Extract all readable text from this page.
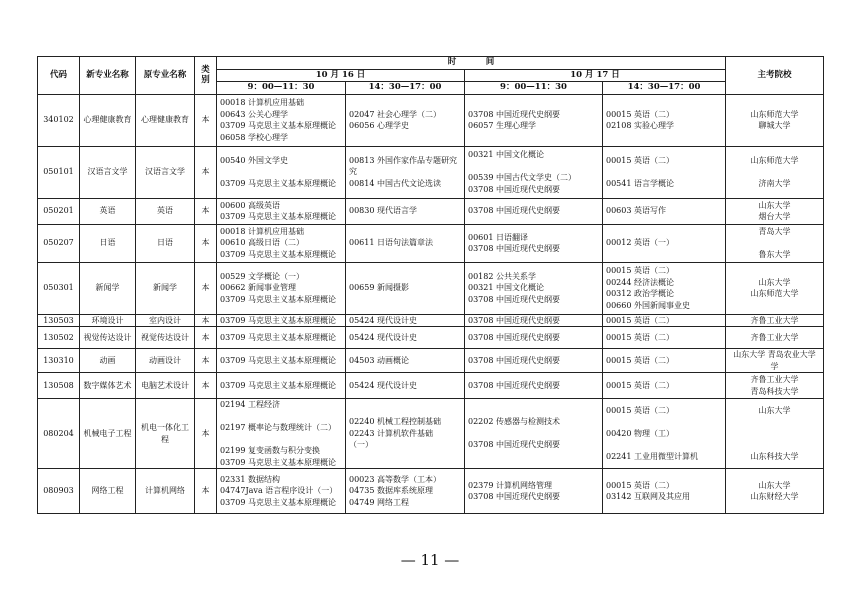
代码	新专业名称	原专业名称	类别	时          间				主考院校
				10 月 16 日		10 月 17 日		
				9：00—11：30	14：30—17：00	9：00—11：30	14：30—17：00	
340102	心理健康教育	心理健康教育	本	00018 计算机应用基础
00643 公关心理学
03709 马克思主义基本原理概论
06058 学校心理学	02047 社会心理学（二）
06056 心理学史	03708 中国近现代史纲要
06057 生理心理学	00015 英语（二）
02108 实验心理学	山东师范大学
聊城大学

050101	汉语言文学	汉语言文学	本	00540 外国文学史
03709 马克思主义基本原理概论	00813 外国作家作品专题研究
究
00814 中国古代文论选读	00321 中国文化概论
00539 中国古代文学史（二）
03708 中国近现代史纲要	00015 英语（二）
00541 语言学概论	山东师范大学
济南大学

050201	英语	英语	本	00600 高级英语
03709 马克思主义基本原理概论	00830 现代语言学	03708 中国近现代史纲要	00603 英语写作	山东大学
烟台大学

050207	日语	日语	本	00018 计算机应用基础
00610 高级日语（二）
03709 马克思主义基本原理概论	00611 日语句法篇章法	00601 日语翻译
03708 中国近现代史纲要	00012 英语（一）	青岛大学
鲁东大学

050301	新闻学	新闻学	本	00529 文学概论（一）
00662 新闻事业管理
03709 马克思主义基本原理概论	00659 新闻摄影	00182 公共关系学
00321 中国文化概论
03708 中国近现代史纲要	00015 英语（二）
00244 经济法概论
00312 政治学概论
00660 外国新闻事业史	山东大学
山东师范大学

130503	环境设计	室内设计	本	03709 马克思主义基本原理概论	05424 现代设计史	03708 中国近现代史纲要	00015 英语（二）	齐鲁工业大学

130502	视觉传达设计	视觉传达设计	本	03709 马克思主义基本原理概论	05424 现代设计史	03708 中国近现代史纲要	00015 英语（二）	齐鲁工业大学

130310	动画	动画设计	本	03709 马克思主义基本原理概论	04503 动画概论	03708 中国近现代史纲要	00015 英语（二）	山东大学 青岛农业大学
学

130508	数字媒体艺术	电脑艺术设计	本	03709 马克思主义基本原理概论	05424 现代设计史	03708 中国近现代史纲要	00015 英语（二）	齐鲁工业大学
青岛科技大学

080204	机械电子工程	机电一体化工程	本	02194 工程经济
02197 概率论与数理统计（二）
02199 复变函数与积分变换
03709 马克思主义基本原理概论	02240 机械工程控制基础
02243 计算机软件基础
（一）	02202 传感器与检测技术
03708 中国近现代史纲要	00015 英语（二）
00420 物理（工）
02241 工业用微型计算机	山东大学
山东科技大学

080903	网络工程	计算机网络	本	02331 数据结构
04747Java 语言程序设计（一）
03709 马克思主义基本原理概论	00023 高等数学（工本）
04735 数据库系统原理
04749 网络工程	02379 计算机网络管理
03708 中国近现代史纲要	00015 英语（二）
03142 互联网及其应用	山东大学
山东财经大学
— 11 —
